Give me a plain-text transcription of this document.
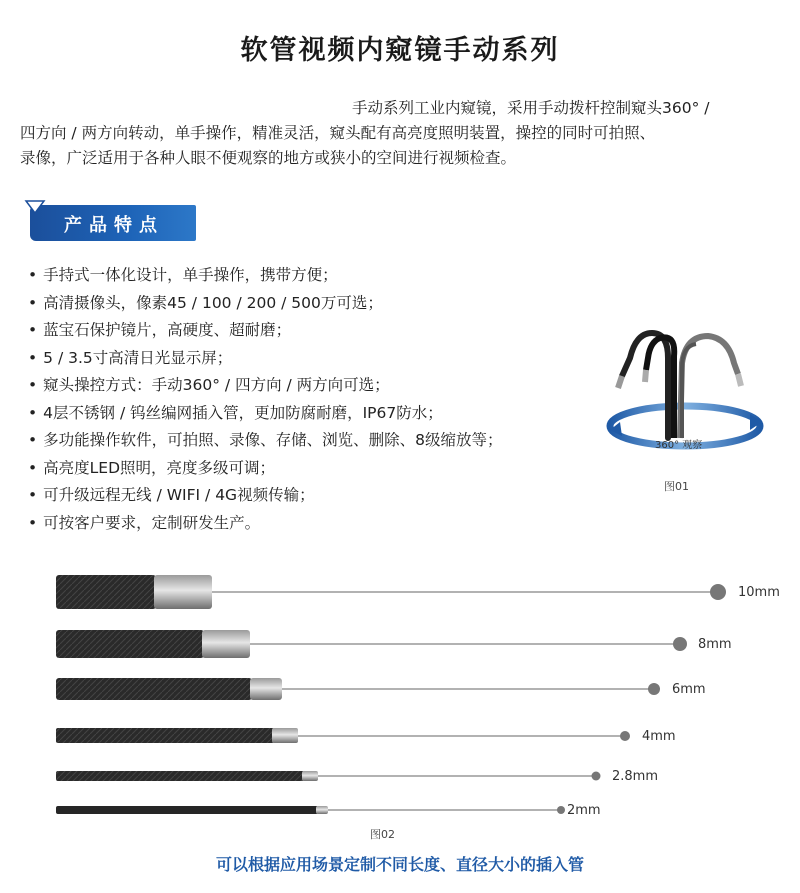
软管视频内窥镜手动系列

手动系列工业内窥镜，采用手动拨杆控制窥头360° /

四方向 / 两方向转动，单手操作，精准灵活，窥头配有高亮度照明装置，操控的同时可拍照、

录像，广泛适用于各种人眼不便观察的地方或狭小的空间进行视频检查。

产品特点
• 手持式一体化设计，单手操作，携带方便；
• 高清摄像头，像素45 / 100 / 200 / 500万可选；
• 蓝宝石保护镜片，高硬度、超耐磨；
• 5 / 3.5寸高清日光显示屏；
• 窥头操控方式：手动360° / 四方向 / 两方向可选；
• 4层不锈钢 / 钨丝编网插入管，更加防腐耐磨，IP67防水；
• 多功能操作软件，可拍照、录像、存储、浏览、删除、8级缩放等；
• 高亮度LED照明，亮度多级可调；
• 可升级远程无线 / WIFI / 4G视频传输；
• 可按客户要求，定制研发生产。
360° 观察
图01
10mm
8mm
6mm
4mm
2.8mm
2mm
图02
可以根据应用场景定制不同长度、直径大小的插入管
